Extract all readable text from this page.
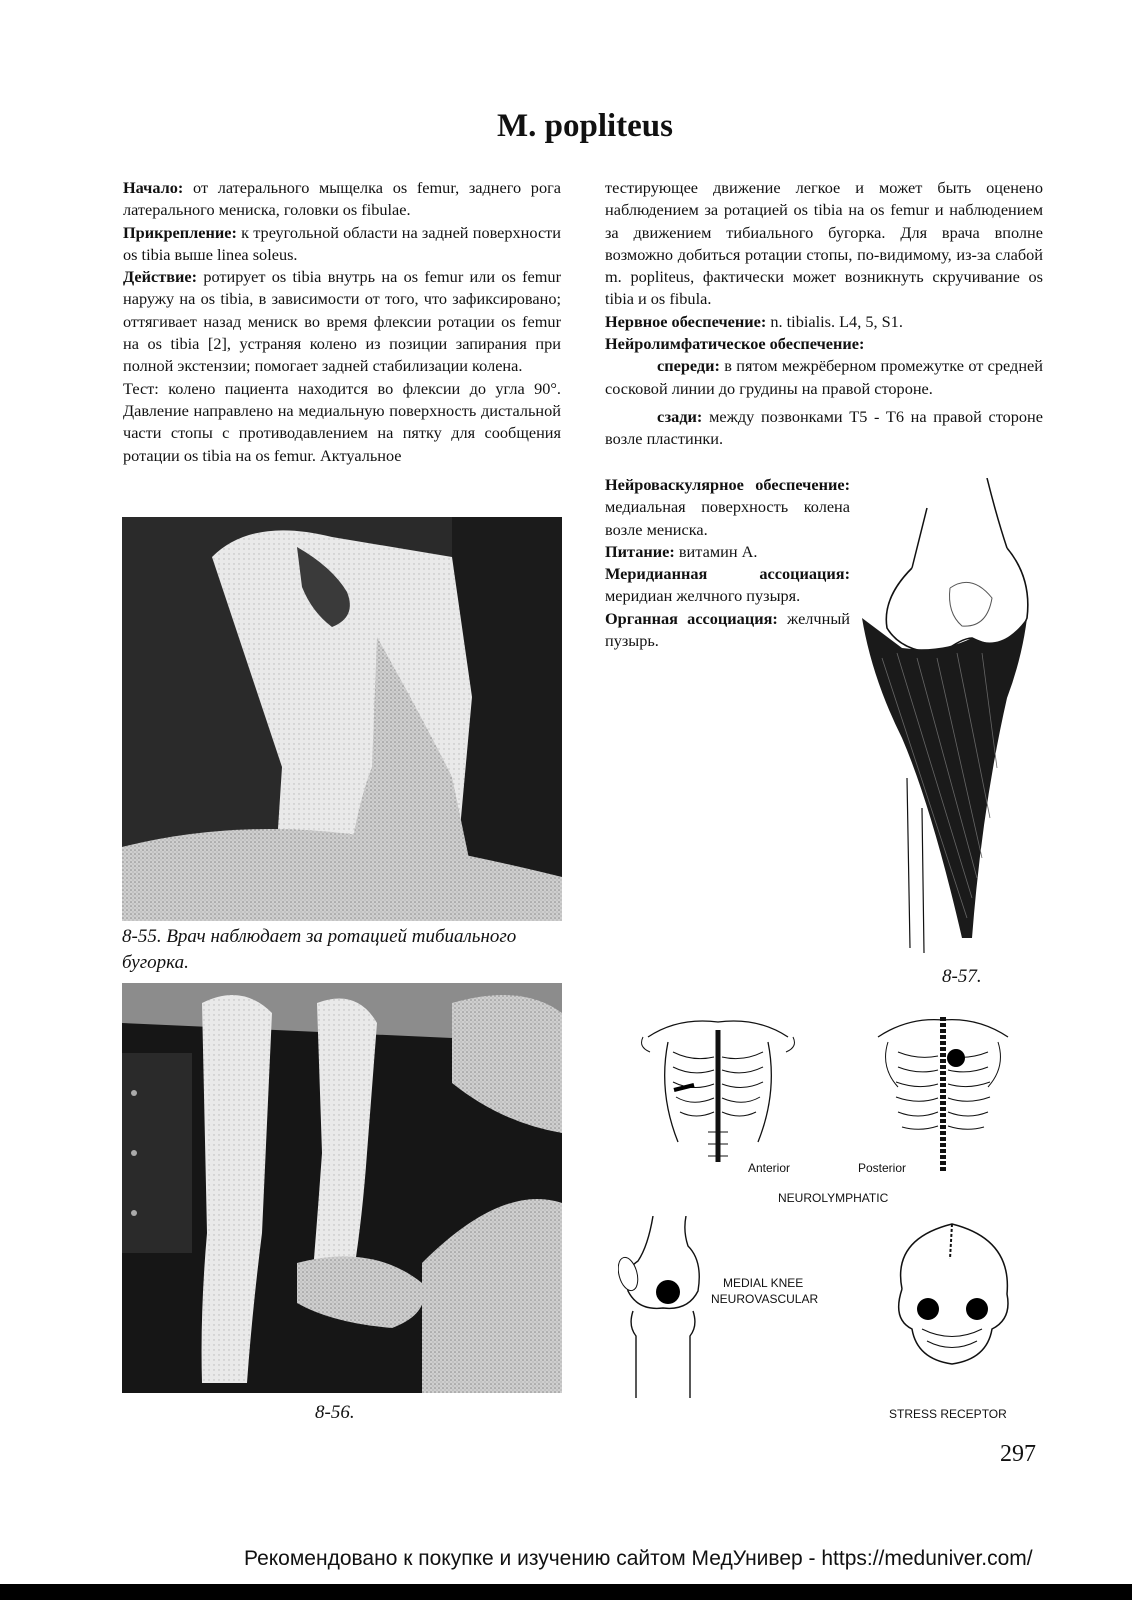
M. popliteus

Начало: от латерального мыщелка os femur, заднего рога латерального мениска, головки os fibulae.

Прикрепление: к треугольной области на задней поверхности os tibia выше linea soleus.

Действие: ротирует os tibia внутрь на os femur или os femur наружу на os tibia, в зависимости от того, что зафиксировано; оттягивает назад мениск во время флексии ротации os femur на os tibia [2], устраняя колено из позиции запирания при полной экстензии; помогает задней стабилизации колена.

Тест: колено пациента находится во флексии до угла 90°. Давление направлено на медиальную поверхность дистальной части стопы с противодавлением на пятку для сообщения ротации os tibia на os femur. Актуальное

тестирующее движение легкое и может быть оценено наблюдением за ротацией os tibia на os femur и наблюдением за движением тибиального бугорка. Для врача вполне возможно добиться ротации стопы, по-видимому, из-за слабой m. popliteus, фактически может возникнуть скручивание os tibia и os fibula.

Нервное обеспечение: n. tibialis. L4, 5, S1.

Нейролимфатическое обеспечение:

спереди: в пятом межрёберном промежутке от средней сосковой линии до грудины на правой стороне.

сзади: между позвонками T5 - T6 на правой стороне возле пластинки.

Нейроваскулярное обеспечение: медиальная поверхность колена возле мениска.

Питание: витамин А.

Меридианная ассоциация: меридиан желчного пузыря.

Органная ассоциация: желчный пузырь.

8-55. Врач наблюдает за ротацией тибиального бугорка.
8-56.
8-57.
Anterior	Posterior
NEUROLYMPHATIC
MEDIAL KNEE
NEUROVASCULAR
STRESS RECEPTOR
297
Рекомендовано к покупке и изучению сайтом МедУнивер - https://meduniver.com/
